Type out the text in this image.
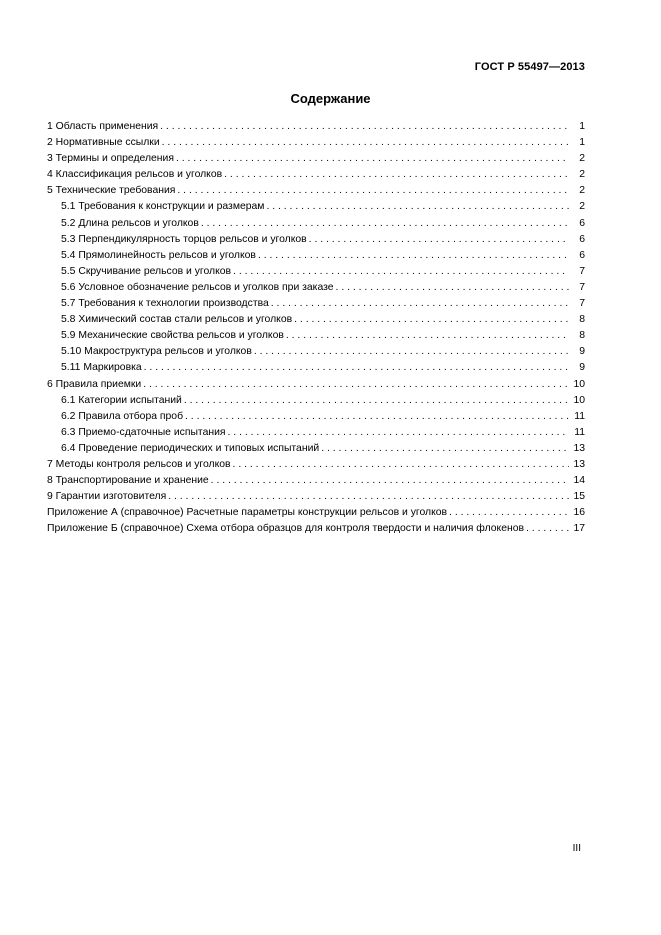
ГОСТ Р 55497—2013
Содержание
1 Область применения . . .	1
2 Нормативные ссылки . . .	1
3 Термины и определения . . .	2
4 Классификация рельсов и уголков . . .	2
5 Технические требования . . .	2
5.1 Требования к конструкции и размерам . . .	2
5.2 Длина рельсов и уголков . . .	6
5.3 Перпендикулярность торцов рельсов и уголков . . .	6
5.4 Прямолинейность рельсов и уголков . . .	6
5.5 Скручивание рельсов и уголков . . .	7
5.6 Условное обозначение рельсов и уголков при заказе . . .	7
5.7 Требования к технологии производства . . .	7
5.8 Химический состав стали рельсов и уголков . . .	8
5.9 Механические свойства рельсов и уголков . . .	8
5.10 Макроструктура рельсов и уголков . . .	9
5.11 Маркировка . . .	9
6 Правила приемки . . .	10
6.1 Категории испытаний . . .	10
6.2 Правила отбора проб . . .	11
6.3 Приемо-сдаточные испытания . . .	11
6.4 Проведение периодических и типовых испытаний . . .	13
7 Методы контроля рельсов и уголков . . .	13
8 Транспортирование и хранение . . .	14
9 Гарантии изготовителя . . .	15
Приложение А (справочное) Расчетные параметры конструкции рельсов и уголков . . .	16
Приложение Б (справочное) Схема отбора образцов для контроля твердости и наличия флокенов . . .	17
III
